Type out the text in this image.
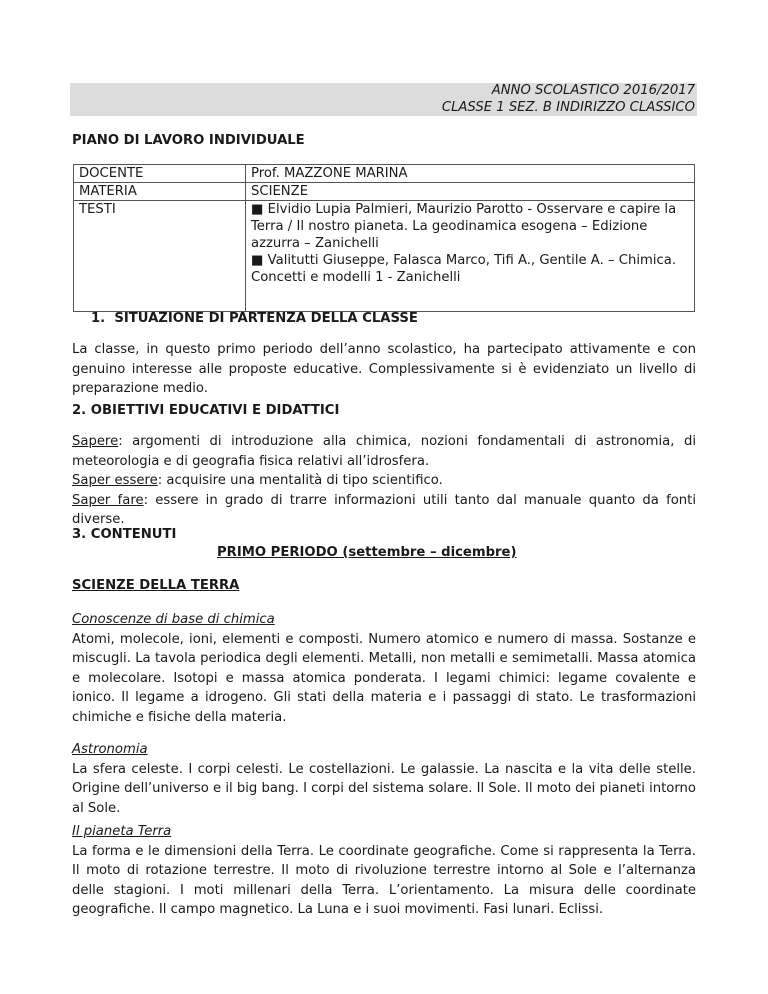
ANNO SCOLASTICO 2016/2017
CLASSE 1 SEZ. B INDIRIZZO CLASSICO
PIANO DI LAVORO INDIVIDUALE
DOCENTE	Prof. MAZZONE MARINA
MATERIA	SCIENZE
TESTI	■ Elvidio Lupia Palmieri, Maurizio Parotto - Osservare e capire la Terra / Il nostro pianeta. La geodinamica esogena – Edizione azzurra – Zanichelli
■ Valitutti Giuseppe, Falasca Marco, Tifi A., Gentile A. – Chimica. Concetti e modelli 1 - Zanichelli
1. SITUAZIONE DI PARTENZA DELLA CLASSE
La classe, in questo primo periodo dell’anno scolastico, ha partecipato attivamente e con genuino interesse alle proposte educative. Complessivamente si è evidenziato un livello di preparazione medio.
2. OBIETTIVI EDUCATIVI E DIDATTICI
Sapere: argomenti di introduzione alla chimica, nozioni fondamentali di astronomia, di meteorologia e di geografia fisica relativi all’idrosfera.
Saper essere: acquisire una mentalità di tipo scientifico.
Saper fare: essere in grado di trarre informazioni utili tanto dal manuale quanto da fonti diverse.
3. CONTENUTI
PRIMO PERIODO (settembre – dicembre)
SCIENZE DELLA TERRA
Conoscenze di base di chimica
Atomi, molecole, ioni, elementi e composti. Numero atomico e numero di massa. Sostanze e miscugli. La tavola periodica degli elementi. Metalli, non metalli e semimetalli. Massa atomica e molecolare. Isotopi e massa atomica ponderata. I legami chimici: legame covalente e ionico. Il legame a idrogeno. Gli stati della materia e i passaggi di stato. Le trasformazioni chimiche e fisiche della materia.
Astronomia
La sfera celeste. I corpi celesti. Le costellazioni. Le galassie. La nascita e la vita delle stelle. Origine dell’universo e il big bang. I corpi del sistema solare. Il Sole. Il moto dei pianeti intorno al Sole.
Il pianeta Terra
La forma e le dimensioni della Terra. Le coordinate geografiche. Come si rappresenta la Terra. Il moto di rotazione terrestre. Il moto di rivoluzione terrestre intorno al Sole e l’alternanza delle stagioni. I moti millenari della Terra. L’orientamento. La misura delle coordinate geografiche. Il campo magnetico. La Luna e i suoi movimenti. Fasi lunari. Eclissi.
